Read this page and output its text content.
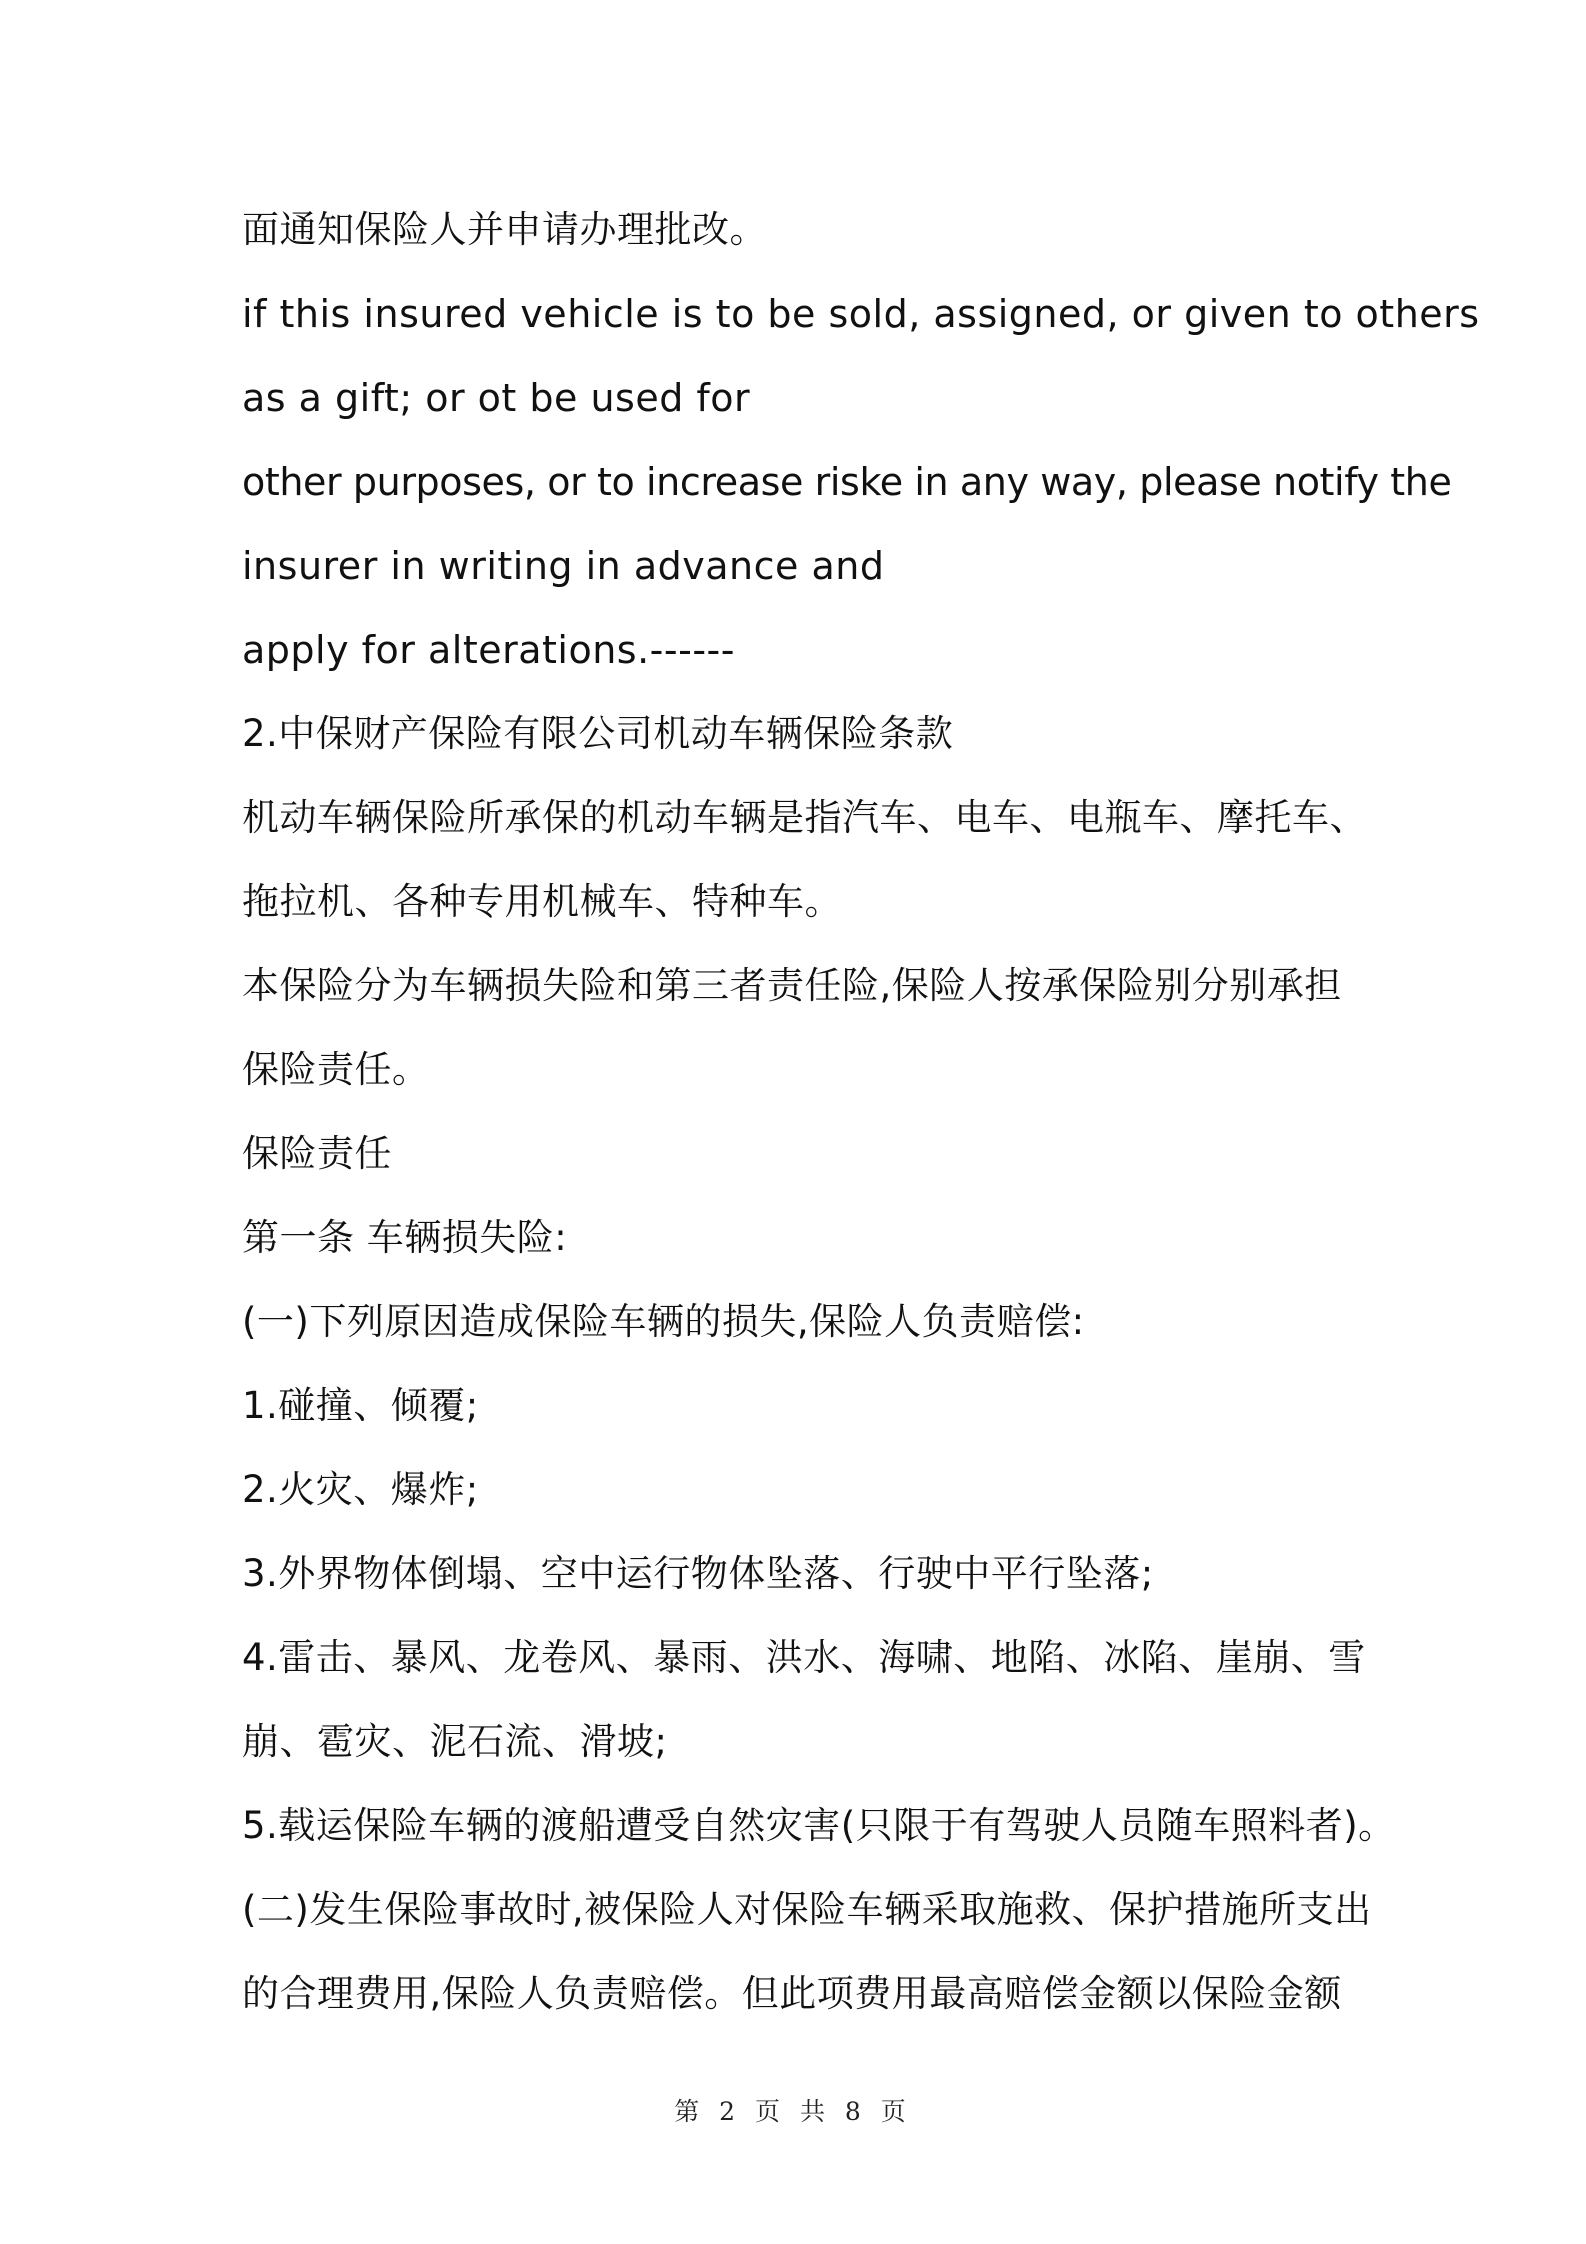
面通知保险人并申请办理批改。
if this insured vehicle is to be sold, assigned, or given to others
as a gift; or ot be used for
other purposes, or to increase riske in any way, please notify the
insurer in writing in advance and
apply for alterations.------
2.中保财产保险有限公司机动车辆保险条款
机动车辆保险所承保的机动车辆是指汽车、电车、电瓶车、摩托车、
拖拉机、各种专用机械车、特种车。
本保险分为车辆损失险和第三者责任险,保险人按承保险别分别承担
保险责任。
保险责任
第一条 车辆损失险:
(一)下列原因造成保险车辆的损失,保险人负责赔偿:
1.碰撞、倾覆;
2.火灾、爆炸;
3.外界物体倒塌、空中运行物体坠落、行驶中平行坠落;
4.雷击、暴风、龙卷风、暴雨、洪水、海啸、地陷、冰陷、崖崩、雪
崩、雹灾、泥石流、滑坡;
5.载运保险车辆的渡船遭受自然灾害(只限于有驾驶人员随车照料者)。
(二)发生保险事故时,被保险人对保险车辆采取施救、保护措施所支出
的合理费用,保险人负责赔偿。但此项费用最高赔偿金额以保险金额
第 2 页 共 8 页
